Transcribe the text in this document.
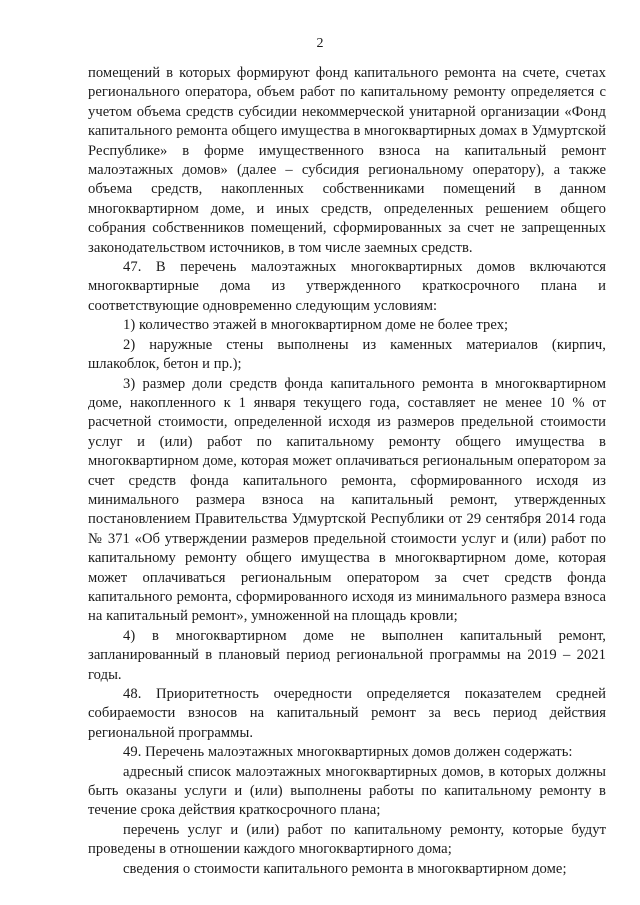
2

помещений в которых формируют фонд капитального ремонта на счете, счетах регионального оператора, объем работ по капитальному ремонту определяется с учетом объема средств субсидии некоммерческой унитарной организации «Фонд капитального ремонта общего имущества в многоквартирных домах в Удмуртской Республике» в форме имущественного взноса на капитальный ремонт малоэтажных домов» (далее – субсидия региональному оператору), а также объема средств, накопленных собственниками помещений в данном многоквартирном доме, и иных средств, определенных решением общего собрания собственников помещений, сформированных за счет не запрещенных законодательством источников, в том числе заемных средств.

47. В перечень малоэтажных многоквартирных домов включаются многоквартирные дома из утвержденного краткосрочного плана и соответствующие одновременно следующим условиям:

1) количество этажей в многоквартирном доме не более трех;

2) наружные стены выполнены из каменных материалов (кирпич, шлакоблок, бетон и пр.);

3) размер доли средств фонда капитального ремонта в многоквартирном доме, накопленного к 1 января текущего года, составляет не менее 10 % от расчетной стоимости, определенной исходя из размеров предельной стоимости услуг и (или) работ по капитальному ремонту общего имущества в многоквартирном доме, которая может оплачиваться региональным оператором за счет средств фонда капитального ремонта, сформированного исходя из минимального размера взноса на капитальный ремонт, утвержденных постановлением Правительства Удмуртской Республики от 29 сентября 2014 года № 371 «Об утверждении размеров предельной стоимости услуг и (или) работ по капитальному ремонту общего имущества в многоквартирном доме, которая может оплачиваться региональным оператором за счет средств фонда капитального ремонта, сформированного исходя из минимального размера взноса на капитальный ремонт», умноженной на площадь кровли;

4) в многоквартирном доме не выполнен капитальный ремонт, запланированный в плановый период региональной программы на 2019 – 2021 годы.

48. Приоритетность очередности определяется показателем средней собираемости взносов на капитальный ремонт за весь период действия региональной программы.

49. Перечень малоэтажных многоквартирных домов должен содержать:

адресный список малоэтажных многоквартирных домов, в которых должны быть оказаны услуги и (или) выполнены работы по капитальному ремонту в течение срока действия краткосрочного плана;

перечень услуг и (или) работ по капитальному ремонту, которые будут проведены в отношении каждого многоквартирного дома;

сведения о стоимости капитального ремонта в многоквартирном доме;
